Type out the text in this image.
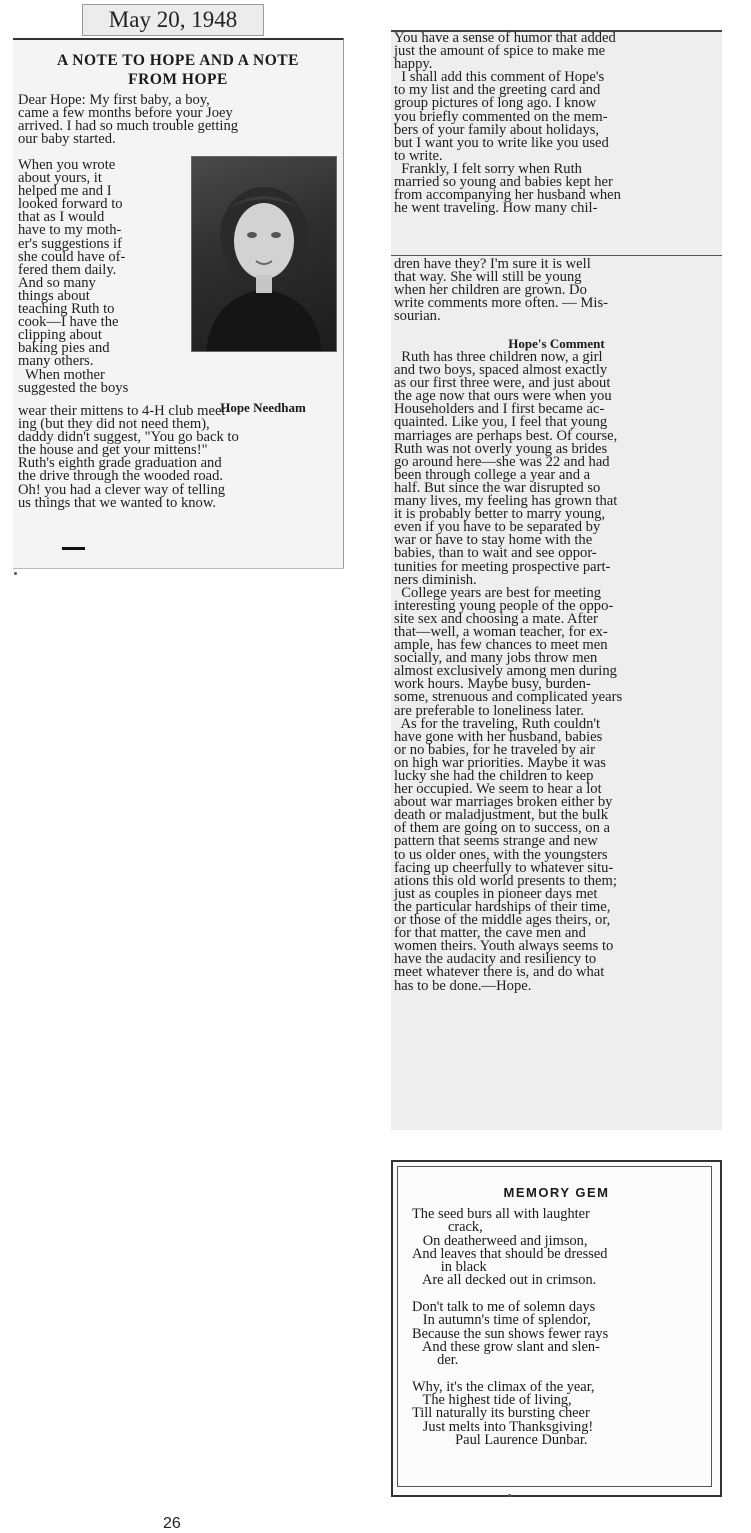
May 20, 1948
A NOTE TO HOPE AND A NOTE
FROM HOPE
Dear Hope: My first baby, a boy,
came a few months before your Joey
arrived. I had so much trouble getting
our baby started.
When you wrote
about yours, it
helped me and I
looked forward to
that as I would
have to my moth-
er's suggestions if
she could have of-
fered them daily.
And so many
things about
teaching Ruth to
cook—I have the
clipping about
baking pies and
many others.
When mother
suggested the boys
wear their mittens to 4-H club meet-
ing (but they did not need them),
daddy didn't suggest, "You go back to
the house and get your mittens!"
Ruth's eighth grade graduation and
the drive through the wooded road.
Oh! you had a clever way of telling
us things that we wanted to know.
Hope Needham
You have a sense of humor that added
just the amount of spice to make me
happy.
I shall add this comment of Hope's
to my list and the greeting card and
group pictures of long ago. I know
you briefly commented on the mem-
bers of your family about holidays,
but I want you to write like you used
to write.
Frankly, I felt sorry when Ruth
married so young and babies kept her
from accompanying her husband when
he went traveling. How many chil-
dren have they? I'm sure it is well
that way. She will still be young
when her children are grown. Do
write comments more often. — Mis-
sourian.
Hope's Comment
Ruth has three children now, a girl
and two boys, spaced almost exactly
as our first three were, and just about
the age now that ours were when you
Householders and I first became ac-
quainted. Like you, I feel that young
marriages are perhaps best. Of course,
Ruth was not overly young as brides
go around here—she was 22 and had
been through college a year and a
half. But since the war disrupted so
many lives, my feeling has grown that
it is probably better to marry young,
even if you have to be separated by
war or have to stay home with the
babies, than to wait and see oppor-
tunities for meeting prospective part-
ners diminish.
College years are best for meeting
interesting young people of the oppo-
site sex and choosing a mate. After
that—well, a woman teacher, for ex-
ample, has few chances to meet men
socially, and many jobs throw men
almost exclusively among men during
work hours. Maybe busy, burden-
some, strenuous and complicated years
are preferable to loneliness later.
As for the traveling, Ruth couldn't
have gone with her husband, babies
or no babies, for he traveled by air
on high war priorities. Maybe it was
lucky she had the children to keep
her occupied. We seem to hear a lot
about war marriages broken either by
death or maladjustment, but the bulk
of them are going on to success, on a
pattern that seems strange and new
to us older ones, with the youngsters
facing up cheerfully to whatever situ-
ations this old world presents to them;
just as couples in pioneer days met
the particular hardships of their time,
or those of the middle ages theirs, or,
for that matter, the cave men and
women theirs. Youth always seems to
have the audacity and resiliency to
meet whatever there is, and do what
has to be done.—Hope.
MEMORY GEM
The seed burs all with laughter
crack,
On deatherweed and jimson,
And leaves that should be dressed
in black
Are all decked out in crimson.

Don't talk to me of solemn days
In autumn's time of splendor,
Because the sun shows fewer rays
And these grow slant and slen-
der.

Why, it's the climax of the year,
The highest tide of living,
Till naturally its bursting cheer
Just melts into Thanksgiving!
Paul Laurence Dunbar.
26
